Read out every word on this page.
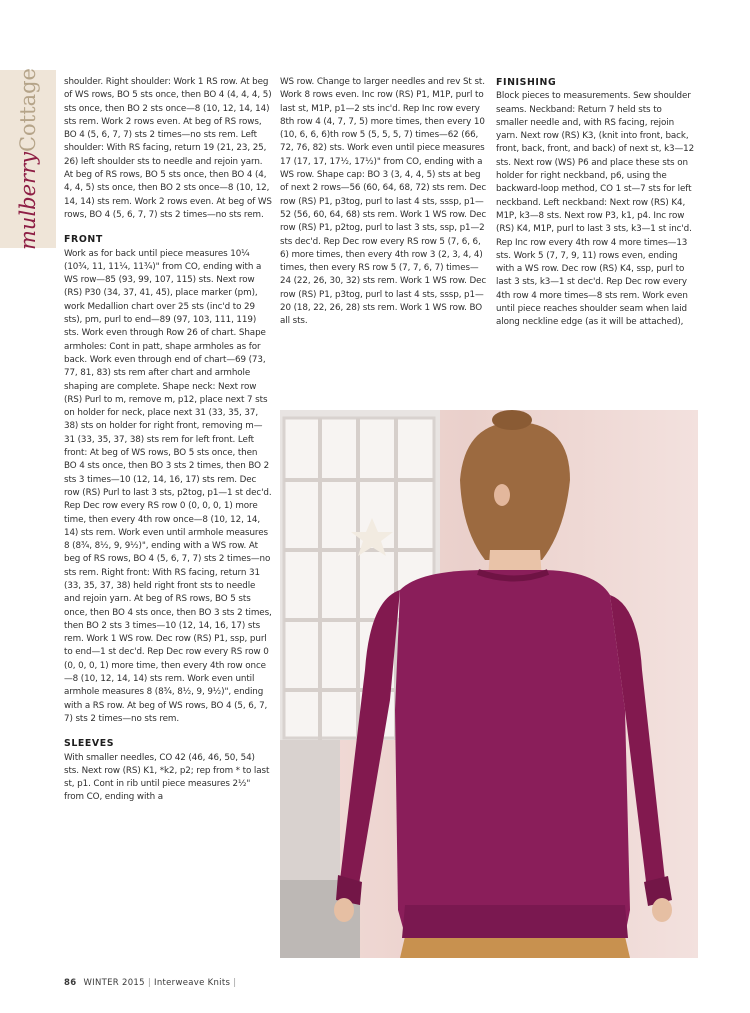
mulberryCottage	shoulder. Right shoulder: Work 1 RS row. At beg of WS rows, BO 5 sts once, then BO 4 (4, 4, 4, 5) sts once, then BO 2 sts once—8 (10, 12, 14, 14) sts rem. Work 2 rows even. At beg of RS rows, BO 4 (5, 6, 7, 7) sts 2 times—no sts rem. Left shoulder: With RS facing, return 19 (21, 23, 25, 26) left shoulder sts to needle and rejoin yarn. At beg of RS rows, BO 5 sts once, then BO 4 (4, 4, 4, 5) sts once, then BO 2 sts once—8 (10, 12, 14, 14) sts rem. Work 2 rows even. At beg of WS rows, BO 4 (5, 6, 7, 7) sts 2 times—no sts rem.

FRONT

Work as for back until piece measures 10¼ (10¾, 11, 11¼, 11¾)" from CO, ending with a WS row—85 (93, 99, 107, 115) sts. Next row (RS) P30 (34, 37, 41, 45), place marker (pm), work Medallion chart over 25 sts (inc'd to 29 sts), pm, purl to end—89 (97, 103, 111, 119) sts. Work even through Row 26 of chart. Shape armholes: Cont in patt, shape armholes as for back. Work even through end of chart—69 (73, 77, 81, 83) sts rem after chart and armhole shaping are complete. Shape neck: Next row (RS) Purl to m, remove m, p12, place next 7 sts on holder for neck, place next 31 (33, 35, 37, 38) sts on holder for right front, removing m—31 (33, 35, 37, 38) sts rem for left front. Left front: At beg of WS rows, BO 5 sts once, then BO 4 sts once, then BO 3 sts 2 times, then BO 2 sts 3 times—10 (12, 14, 16, 17) sts rem. Dec row (RS) Purl to last 3 sts, p2tog, p1—1 st dec'd. Rep Dec row every RS row 0 (0, 0, 0, 1) more time, then every 4th row once—8 (10, 12, 14, 14) sts rem. Work even until armhole measures 8 (8¾, 8½, 9, 9½)", ending with a WS row. At beg of RS rows, BO 4 (5, 6, 7, 7) sts 2 times—no sts rem. Right front: With RS facing, return 31 (33, 35, 37, 38) held right front sts to needle and rejoin yarn. At beg of RS rows, BO 5 sts once, then BO 4 sts once, then BO 3 sts 2 times, then BO 2 sts 3 times—10 (12, 14, 16, 17) sts rem. Work 1 WS row. Dec row (RS) P1, ssp, purl to end—1 st dec'd. Rep Dec row every RS row 0 (0, 0, 0, 1) more time, then every 4th row once—8 (10, 12, 14, 14) sts rem. Work even until armhole measures 8 (8¾, 8½, 9, 9½)", ending with a RS row. At beg of WS rows, BO 4 (5, 6, 7, 7) sts 2 times—no sts rem.

SLEEVES

With smaller needles, CO 42 (46, 46, 50, 54) sts. Next row (RS) K1, *k2, p2; rep from * to last st, p1. Cont in rib until piece measures 2½" from CO, ending with a

WS row. Change to larger needles and rev St st. Work 8 rows even. Inc row (RS) P1, M1P, purl to last st, M1P, p1—2 sts inc'd. Rep Inc row every 8th row 4 (4, 7, 7, 5) more times, then every 10 (10, 6, 6, 6)th row 5 (5, 5, 5, 7) times—62 (66, 72, 76, 82) sts. Work even until piece measures 17 (17, 17, 17½, 17½)" from CO, ending with a WS row. Shape cap: BO 3 (3, 4, 4, 5) sts at beg of next 2 rows—56 (60, 64, 68, 72) sts rem. Dec row (RS) P1, p3tog, purl to last 4 sts, sssp, p1—52 (56, 60, 64, 68) sts rem. Work 1 WS row. Dec row (RS) P1, p2tog, purl to last 3 sts, ssp, p1—2 sts dec'd. Rep Dec row every RS row 5 (7, 6, 6, 6) more times, then every 4th row 3 (2, 3, 4, 4) times, then every RS row 5 (7, 7, 6, 7) times—24 (22, 26, 30, 32) sts rem. Work 1 WS row. Dec row (RS) P1, p3tog, purl to last 4 sts, sssp, p1—20 (18, 22, 26, 28) sts rem. Work 1 WS row. BO all sts.

FINISHING

Block pieces to measurements. Sew shoulder seams. Neckband: Return 7 held sts to smaller needle and, with RS facing, rejoin yarn. Next row (RS) K3, (knit into front, back, front, back, front, and back) of next st, k3—12 sts. Next row (WS) P6 and place these sts on holder for right neckband, p6, using the backward-loop method, CO 1 st—7 sts for left neckband. Left neckband: Next row (RS) K4, M1P, k3—8 sts. Next row P3, k1, p4. Inc row (RS) K4, M1P, purl to last 3 sts, k3—1 st inc'd. Rep Inc row every 4th row 4 more times—13 sts. Work 5 (7, 7, 9, 11) rows even, ending with a WS row. Dec row (RS) K4, ssp, purl to last 3 sts, k3—1 st dec'd. Rep Dec row every 4th row 4 more times—8 sts rem. Work even until piece reaches shoulder seam when laid along neckline edge (as it will be attached),

86 WINTER 2015 | Interweave Knits |
